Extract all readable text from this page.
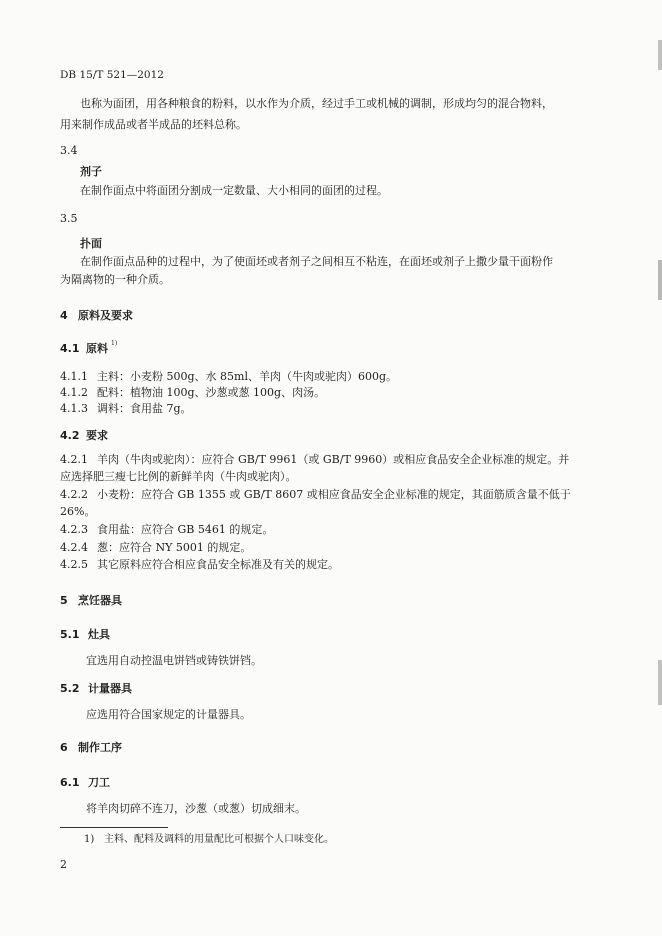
DB 15/T 521—2012
也称为面团，用各种粮食的粉料，以水作为介质，经过手工或机械的调制，形成均匀的混合物料，
用来制作成品或者半成品的坯料总称。
3.4
剂子
在制作面点中将面团分割成一定数量、大小相同的面团的过程。
3.5
扑面
在制作面点品种的过程中，为了使面坯或者剂子之间相互不粘连，在面坯或剂子上撒少量干面粉作
为隔离物的一种介质。
4 原料及要求
4.1 原料 1)
4.1.1 主料：小麦粉 500g、水 85ml、羊肉（牛肉或驼肉）600g。
4.1.2 配料：植物油 100g、沙葱或葱 100g、肉汤。
4.1.3 调料：食用盐 7g。
4.2 要求
4.2.1 羊肉（牛肉或驼肉）：应符合 GB/T 9961（或 GB/T 9960）或相应食品安全企业标准的规定。并
应选择肥三瘦七比例的新鲜羊肉（牛肉或驼肉）。
4.2.2 小麦粉：应符合 GB 1355 或 GB/T 8607 或相应食品安全企业标准的规定，其面筋质含量不低于
26%。
4.2.3 食用盐：应符合 GB 5461 的规定。
4.2.4 葱：应符合 NY 5001 的规定。
4.2.5 其它原料应符合相应食品安全标准及有关的规定。
5 烹饪器具
5.1 灶具
宜选用自动控温电饼铛或铸铁饼铛。
5.2 计量器具
应选用符合国家规定的计量器具。
6 制作工序
6.1 刀工
将羊肉切碎不连刀，沙葱（或葱）切成细末。
1) 主料、配料及调料的用量配比可根据个人口味变化。
2
